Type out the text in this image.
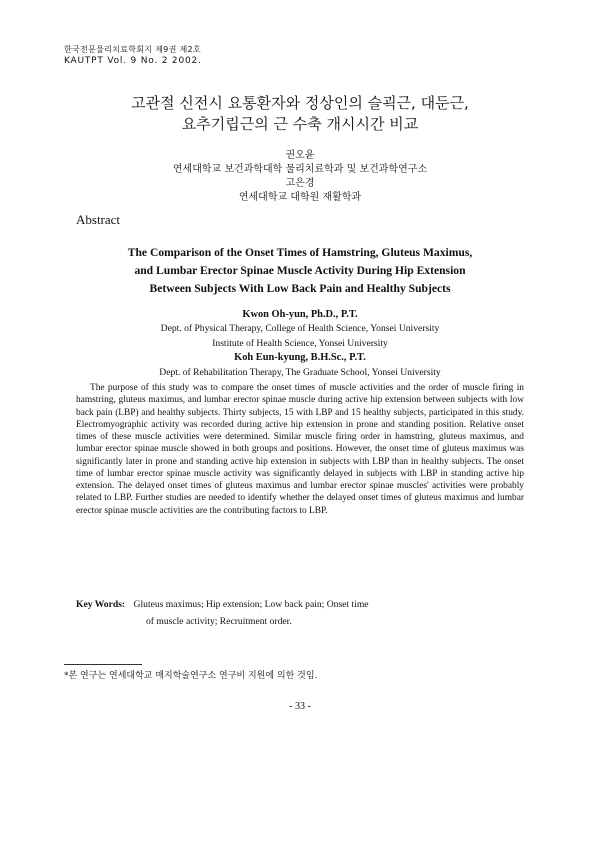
한국전문물리치료학회지 제9권 제2호
KAUTPT Vol. 9 No. 2 2002.
고관절 신전시 요통환자와 정상인의 슬괵근, 대둔근,
요추기립근의 근 수축 개시시간 비교
권오윤
연세대학교 보건과학대학 물리치료학과 및 보건과학연구소
고은경
연세대학교 대학원 재활학과
Abstract
The Comparison of the Onset Times of Hamstring, Gluteus Maximus,
and Lumbar Erector Spinae Muscle Activity During Hip Extension
Between Subjects With Low Back Pain and Healthy Subjects
Kwon Oh-yun, Ph.D., P.T.
Dept. of Physical Therapy, College of Health Science, Yonsei University
Institute of Health Science, Yonsei University
Koh Eun-kyung, B.H.Sc., P.T.
Dept. of Rehabilitation Therapy, The Graduate School, Yonsei University
The purpose of this study was to compare the onset times of muscle activities and the order of muscle firing in hamstring, gluteus maximus, and lumbar erector spinae muscle during active hip extension between subjects with low back pain (LBP) and healthy subjects. Thirty subjects, 15 with LBP and 15 healthy subjects, participated in this study. Electromyographic activity was recorded during active hip extension in prone and standing position. Relative onset times of these muscle activities were determined. Similar muscle firing order in hamstring, gluteus maximus, and lumbar erector spinae muscle showed in both groups and positions. However, the onset time of gluteus maximus was significantly later in prone and standing active hip extension in subjects with LBP than in healthy subjects. The onset time of lumbar erector spinae muscle activity was significantly delayed in subjects with LBP in standing active hip extension. The delayed onset times of gluteus maximus and lumbar erector spinae muscles' activities were probably related to LBP. Further studies are needed to identify whether the delayed onset times of gluteus maximus and lumbar erector spinae muscle activities are the contributing factors to LBP.
Key Words: Gluteus maximus; Hip extension; Low back pain; Onset time
of muscle activity; Recruitment order.
*본 연구는 연세대학교 매지학술연구소 연구비 지원에 의한 것임.
- 33 -
